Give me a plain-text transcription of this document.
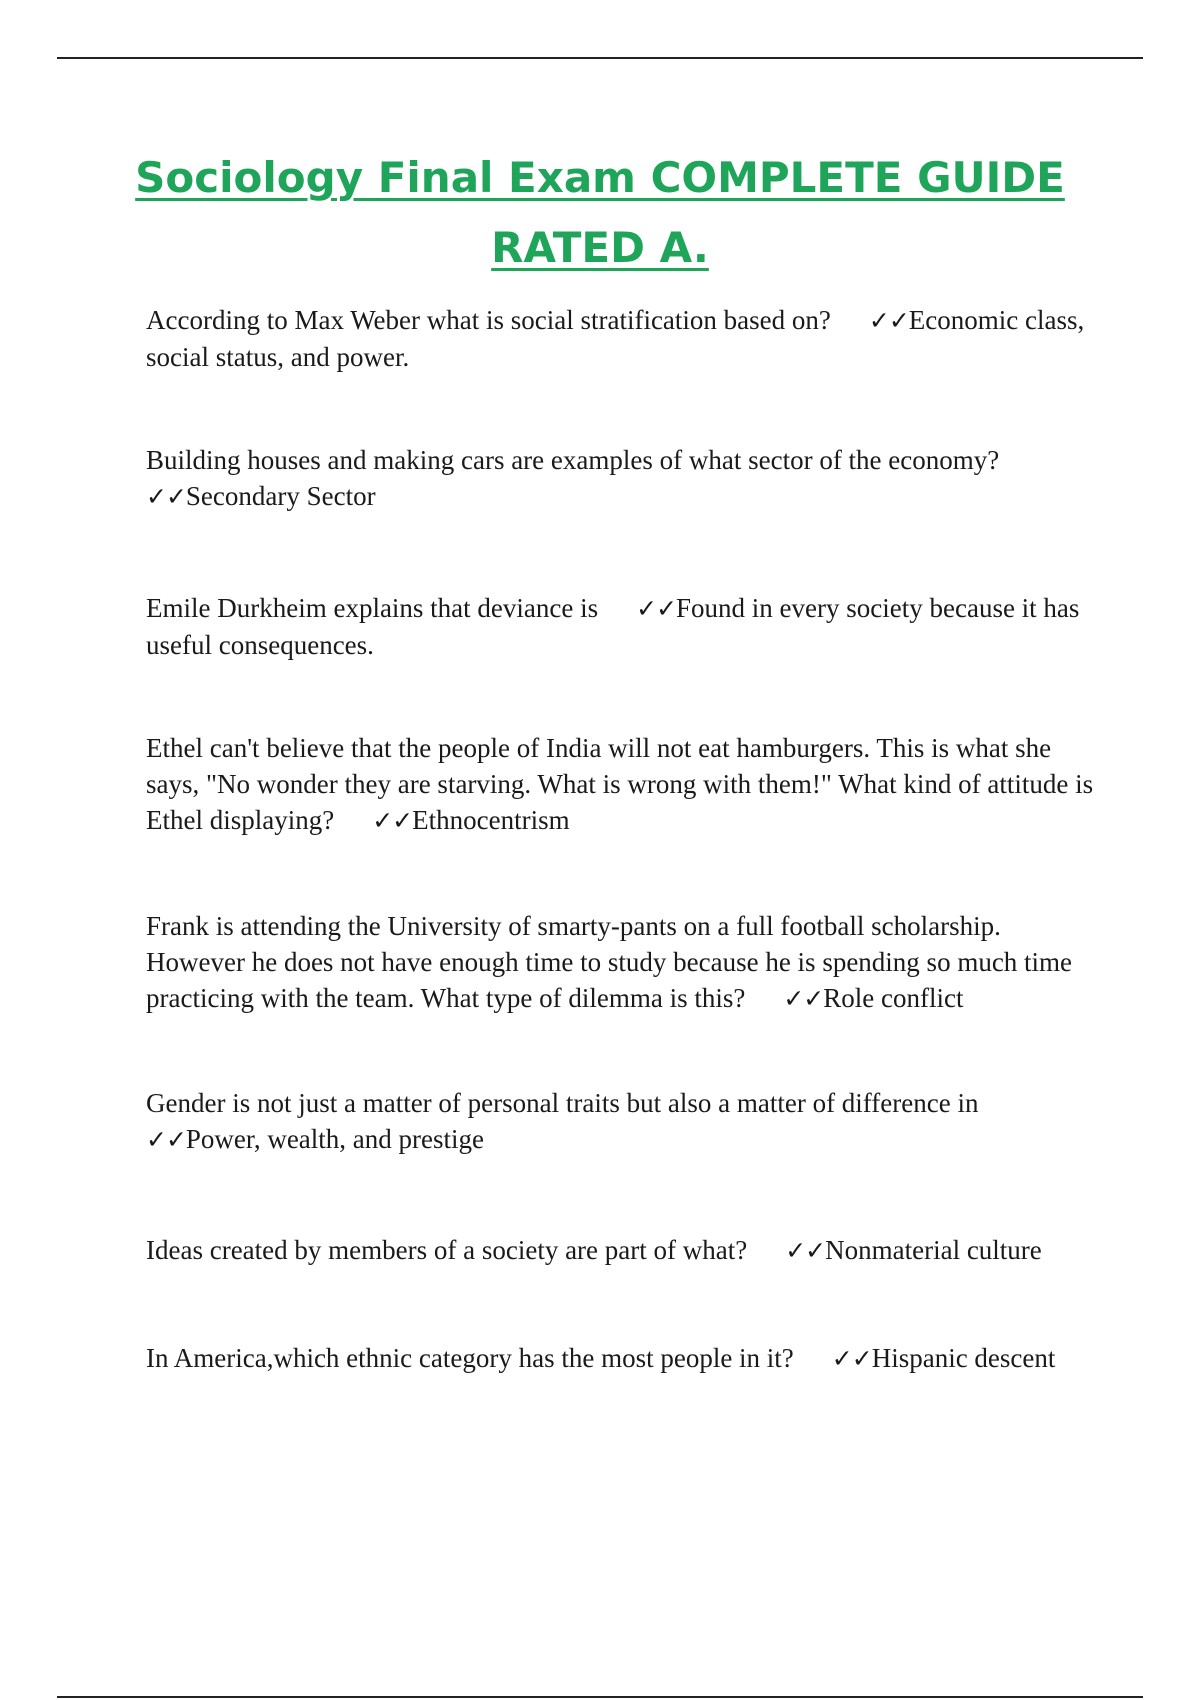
Sociology Final Exam COMPLETE GUIDE
RATED A.

According to Max Weber what is social stratification based on? ✓✓Economic class, social status, and power.

Building houses and making cars are examples of what sector of the economy?
✓✓Secondary Sector

Emile Durkheim explains that deviance is ✓✓Found in every society because it has useful consequences.

Ethel can't believe that the people of India will not eat hamburgers. This is what she says, "No wonder they are starving. What is wrong with them!" What kind of attitude is Ethel displaying? ✓✓Ethnocentrism

Frank is attending the University of smarty-pants on a full football scholarship. However he does not have enough time to study because he is spending so much time practicing with the team. What type of dilemma is this? ✓✓Role conflict

Gender is not just a matter of personal traits but also a matter of difference in
✓✓Power, wealth, and prestige

Ideas created by members of a society are part of what? ✓✓Nonmaterial culture

In America,which ethnic category has the most people in it? ✓✓Hispanic descent
